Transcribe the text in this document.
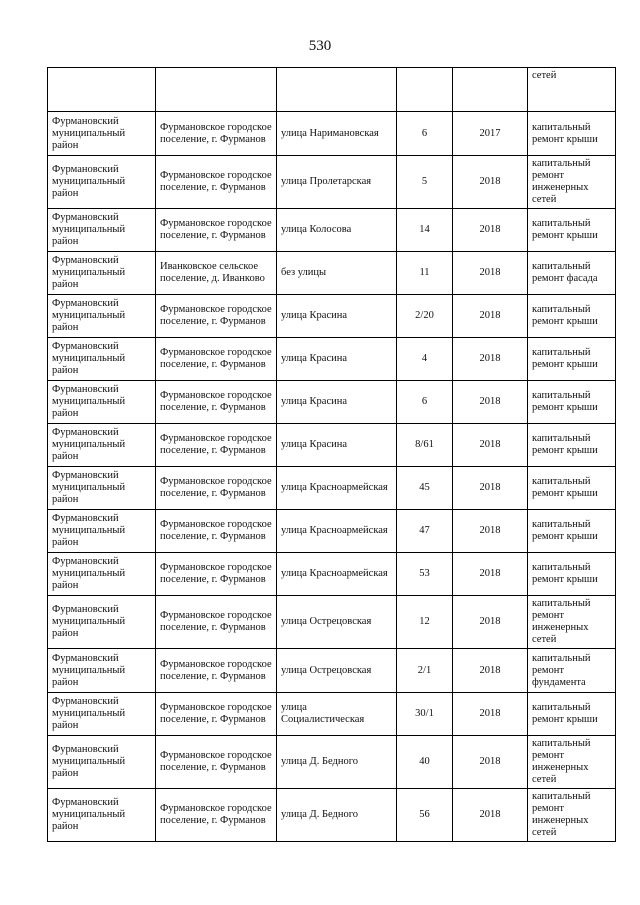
530
					сетей
Фурмановский муниципальный район	Фурмановское городское поселение, г. Фурманов	улица Наримановская	6	2017	капитальный ремонт крыши
Фурмановский муниципальный район	Фурмановское городское поселение, г. Фурманов	улица Пролетарская	5	2018	капитальный ремонт инженерных сетей
Фурмановский муниципальный район	Фурмановское городское поселение, г. Фурманов	улица Колосова	14	2018	капитальный ремонт крыши
Фурмановский муниципальный район	Иванковское сельское поселение, д. Иванково	без улицы	11	2018	капитальный ремонт фасада
Фурмановский муниципальный район	Фурмановское городское поселение, г. Фурманов	улица Красина	2/20	2018	капитальный ремонт крыши
Фурмановский муниципальный район	Фурмановское городское поселение, г. Фурманов	улица Красина	4	2018	капитальный ремонт крыши
Фурмановский муниципальный район	Фурмановское городское поселение, г. Фурманов	улица Красина	6	2018	капитальный ремонт крыши
Фурмановский муниципальный район	Фурмановское городское поселение, г. Фурманов	улица Красина	8/61	2018	капитальный ремонт крыши
Фурмановский муниципальный район	Фурмановское городское поселение, г. Фурманов	улица Красноармейская	45	2018	капитальный ремонт крыши
Фурмановский муниципальный район	Фурмановское городское поселение, г. Фурманов	улица Красноармейская	47	2018	капитальный ремонт крыши
Фурмановский муниципальный район	Фурмановское городское поселение, г. Фурманов	улица Красноармейская	53	2018	капитальный ремонт крыши
Фурмановский муниципальный район	Фурмановское городское поселение, г. Фурманов	улица Острецовская	12	2018	капитальный ремонт инженерных сетей
Фурмановский муниципальный район	Фурмановское городское поселение, г. Фурманов	улица Острецовская	2/1	2018	капитальный ремонт фундамента
Фурмановский муниципальный район	Фурмановское городское поселение, г. Фурманов	улица Социалистическая	30/1	2018	капитальный ремонт крыши
Фурмановский муниципальный район	Фурмановское городское поселение, г. Фурманов	улица Д. Бедного	40	2018	капитальный ремонт инженерных сетей
Фурмановский муниципальный район	Фурмановское городское поселение, г. Фурманов	улица Д. Бедного	56	2018	капитальный ремонт инженерных сетей
